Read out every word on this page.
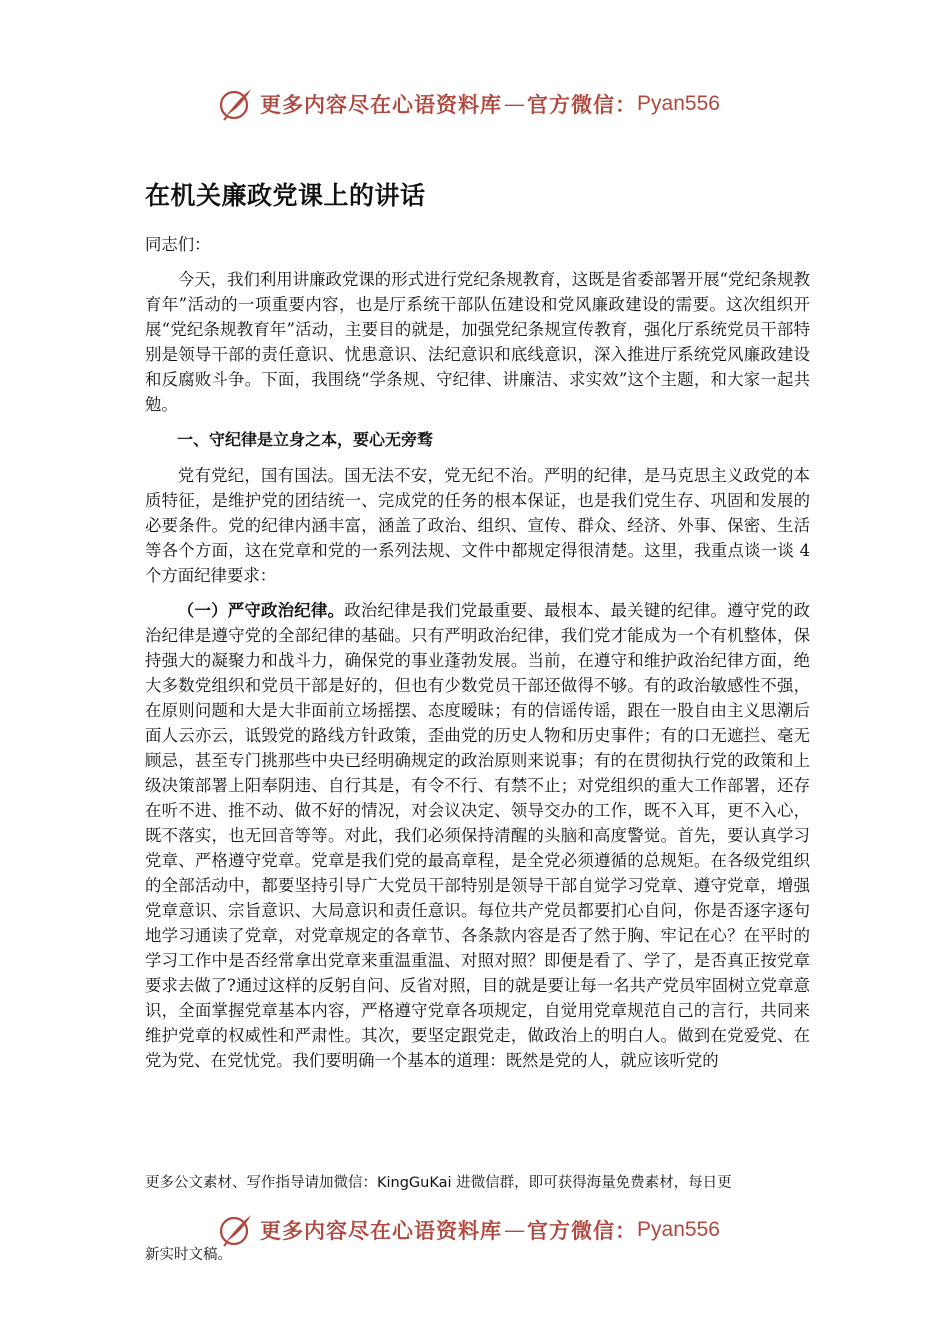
更多内容尽在心语资料库 — 官方微信： Pyan556
在机关廉政党课上的讲话

同志们：

今天，我们利用讲廉政党课的形式进行党纪条规教育，这既是省委部署开展“党纪条规教育年”活动的一项重要内容，也是厅系统干部队伍建设和党风廉政建设的需要。这次组织开展“党纪条规教育年”活动，主要目的就是，加强党纪条规宣传教育，强化厅系统党员干部特别是领导干部的责任意识、忧患意识、法纪意识和底线意识，深入推进厅系统党风廉政建设和反腐败斗争。下面，我围绕“学条规、守纪律、讲廉洁、求实效”这个主题，和大家一起共勉。

一、守纪律是立身之本，要心无旁骛

党有党纪，国有国法。国无法不安，党无纪不治。严明的纪律，是马克思主义政党的本质特征，是维护党的团结统一、完成党的任务的根本保证，也是我们党生存、巩固和发展的必要条件。党的纪律内涵丰富，涵盖了政治、组织、宣传、群众、经济、外事、保密、生活等各个方面，这在党章和党的一系列法规、文件中都规定得很清楚。这里，我重点谈一谈 4 个方面纪律要求：

（一）严守政治纪律。政治纪律是我们党最重要、最根本、最关键的纪律。遵守党的政治纪律是遵守党的全部纪律的基础。只有严明政治纪律，我们党才能成为一个有机整体，保持强大的凝聚力和战斗力，确保党的事业蓬勃发展。当前，在遵守和维护政治纪律方面，绝大多数党组织和党员干部是好的，但也有少数党员干部还做得不够。有的政治敏感性不强，在原则问题和大是大非面前立场摇摆、态度暧昧；有的信谣传谣，跟在一股自由主义思潮后面人云亦云，诋毁党的路线方针政策，歪曲党的历史人物和历史事件；有的口无遮拦、毫无顾忌，甚至专门挑那些中央已经明确规定的政治原则来说事；有的在贯彻执行党的政策和上级决策部署上阳奉阴违、自行其是，有令不行、有禁不止；对党组织的重大工作部署，还存在听不进、推不动、做不好的情况，对会议决定、领导交办的工作，既不入耳，更不入心，既不落实，也无回音等等。对此，我们必须保持清醒的头脑和高度警觉。首先，要认真学习党章、严格遵守党章。党章是我们党的最高章程，是全党必须遵循的总规矩。在各级党组织的全部活动中，都要坚持引导广大党员干部特别是领导干部自觉学习党章、遵守党章，增强党章意识、宗旨意识、大局意识和责任意识。每位共产党员都要扪心自问，你是否逐字逐句地学习通读了党章，对党章规定的各章节、各条款内容是否了然于胸、牢记在心？在平时的学习工作中是否经常拿出党章来重温重温、对照对照？即便是看了、学了，是否真正按党章要求去做了?通过这样的反躬自问、反省对照，目的就是要让每一名共产党员牢固树立党章意识，全面掌握党章基本内容，严格遵守党章各项规定，自觉用党章规范自己的言行，共同来维护党章的权威性和严肃性。其次，要坚定跟党走，做政治上的明白人。做到在党爱党、在党为党、在党忧党。我们要明确一个基本的道理：既然是党的人，就应该听党的

更多公文素材、写作指导请加微信：KingGuKai 进微信群，即可获得海量免费素材，每日更
更多内容尽在心语资料库 — 官方微信： Pyan556
新实时文稿。
